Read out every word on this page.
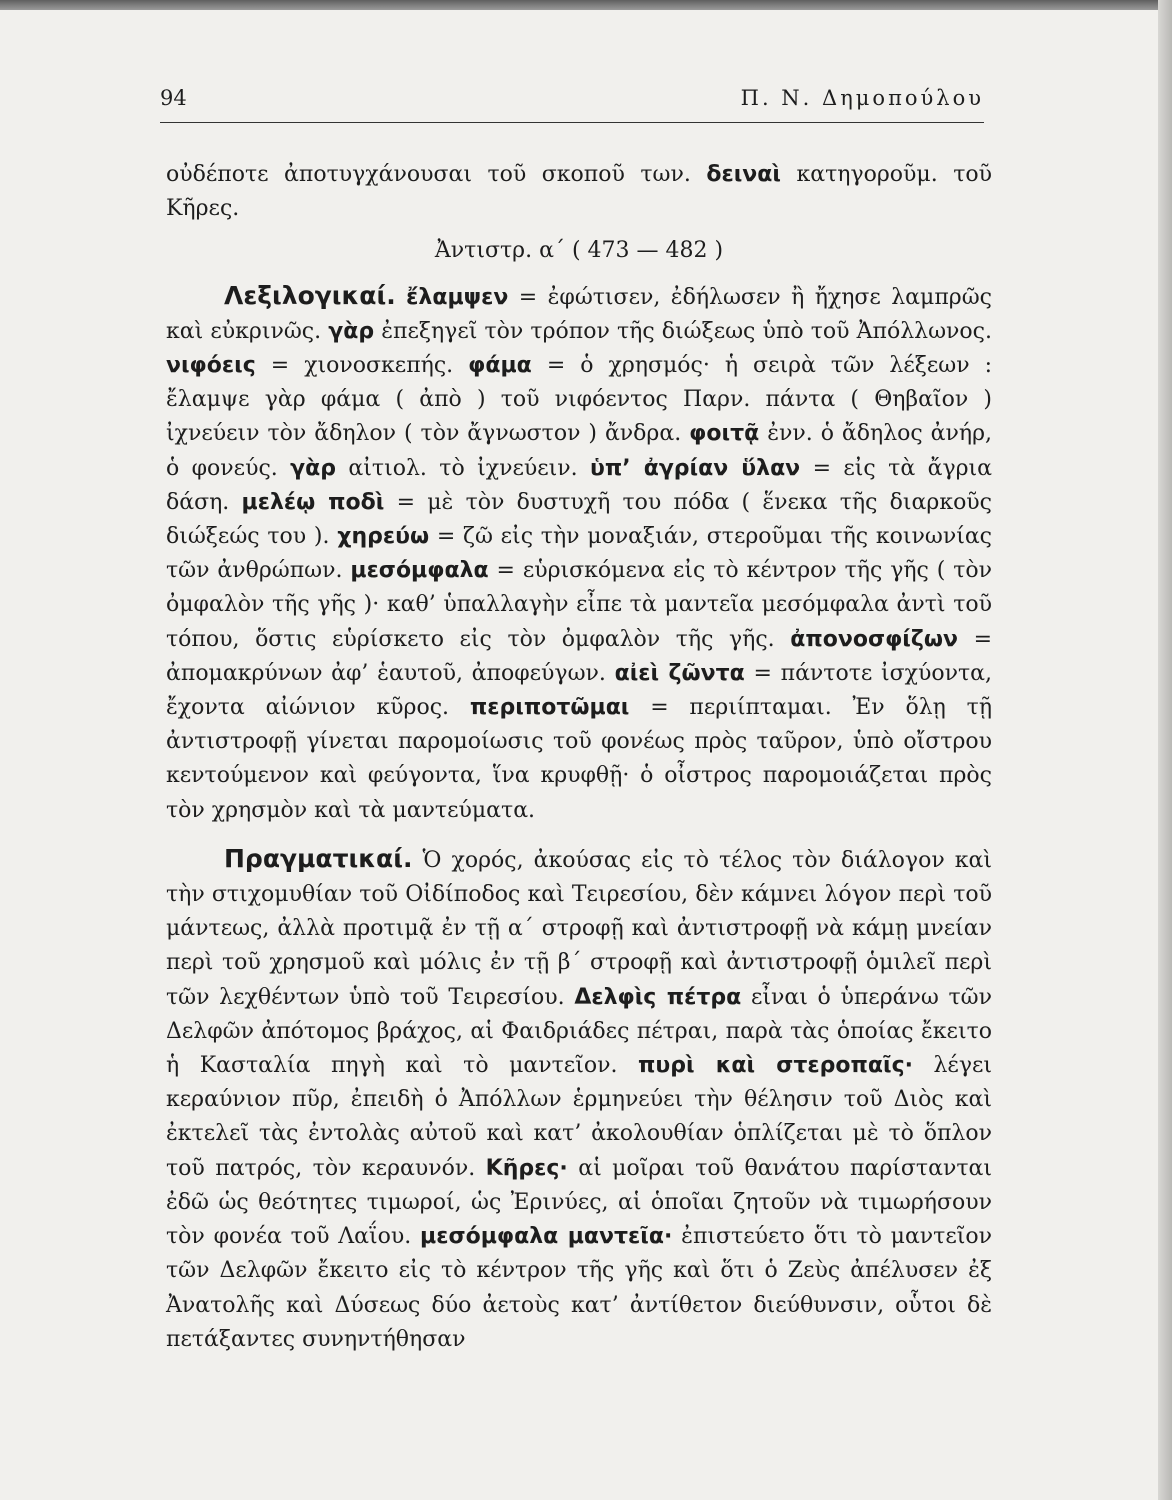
94	Π. Ν. Δημοπούλου

οὐδέποτε ἀποτυγχάνουσαι τοῦ σκοποῦ των. δειναὶ κατηγοροῦμ. τοῦ Κῆρες.

Ἀντιστρ. α΄ ( 473 — 482 )

Λεξιλογικαί. ἔλαμψεν = ἐφώτισεν, ἐδήλωσεν ἢ ἤχησε λαμπρῶς καὶ εὐκρινῶς. γὰρ ἐπεξηγεῖ τὸν τρόπον τῆς διώξεως ὑπὸ τοῦ Ἀπόλλωνος. νιφόεις = χιονοσκεπής. φάμα = ὁ χρησμός· ἡ σειρὰ τῶν λέξεων : ἔλαμψε γὰρ φάμα ( ἀπὸ ) τοῦ νιφόεντος Παρν. πάντα ( Θηβαῖον ) ἰχνεύειν τὸν ἄδηλον ( τὸν ἄγνωστον ) ἄνδρα. φοιτᾷ ἐνν. ὁ ἄδηλος ἀνήρ, ὁ φονεύς. γὰρ αἰτιολ. τὸ ἰχνεύειν. ὑπ’ ἀγρίαν ὕλαν = εἰς τὰ ἄγρια δάση. μελέῳ ποδὶ = μὲ τὸν δυστυχῆ του πόδα ( ἕνεκα τῆς διαρκοῦς διώξεώς του ). χηρεύω = ζῶ εἰς τὴν μοναξιάν, στεροῦμαι τῆς κοινωνίας τῶν ἀνθρώπων. μεσόμφαλα = εὑρισκόμενα εἰς τὸ κέντρον τῆς γῆς ( τὸν ὀμφαλὸν τῆς γῆς )· καθ’ ὑπαλλαγὴν εἶπε τὰ μαντεῖα μεσόμφαλα ἀντὶ τοῦ τόπου, ὅστις εὑρίσκετο εἰς τὸν ὀμφαλὸν τῆς γῆς. ἀπονοσφίζων = ἀπομακρύνων ἀφ’ ἑαυτοῦ, ἀποφεύγων. αἰεὶ ζῶντα = πάντοτε ἰσχύοντα, ἔχοντα αἰώνιον κῦρος. περιποτῶμαι = περιίπταμαι. Ἐν ὅλῃ τῇ ἀντιστροφῇ γίνεται παρομοίωσις τοῦ φονέως πρὸς ταῦρον, ὑπὸ οἴστρου κεντούμενον καὶ φεύγοντα, ἵνα κρυφθῇ· ὁ οἶστρος παρομοιάζεται πρὸς τὸν χρησμὸν καὶ τὰ μαντεύματα.

Πραγματικαί. Ὁ χορός, ἀκούσας εἰς τὸ τέλος τὸν διάλογον καὶ τὴν στιχομυθίαν τοῦ Οἰδίποδος καὶ Τειρεσίου, δὲν κάμνει λόγον περὶ τοῦ μάντεως, ἀλλὰ προτιμᾷ ἐν τῇ α΄ στροφῇ καὶ ἀντιστροφῇ νὰ κάμῃ μνείαν περὶ τοῦ χρησμοῦ καὶ μόλις ἐν τῇ β΄ στροφῇ καὶ ἀντιστροφῇ ὁμιλεῖ περὶ τῶν λεχθέντων ὑπὸ τοῦ Τειρεσίου. Δελφὶς πέτρα εἶναι ὁ ὑπεράνω τῶν Δελφῶν ἀπότομος βράχος, αἱ Φαιδριάδες πέτραι, παρὰ τὰς ὁποίας ἔκειτο ἡ Κασταλία πηγὴ καὶ τὸ μαντεῖον. πυρὶ καὶ στεροπαῖς· λέγει κεραύνιον πῦρ, ἐπειδὴ ὁ Ἀπόλλων ἑρμηνεύει τὴν θέλησιν τοῦ Διὸς καὶ ἐκτελεῖ τὰς ἐντολὰς αὐτοῦ καὶ κατ’ ἀκολουθίαν ὁπλίζεται μὲ τὸ ὅπλον τοῦ πατρός, τὸν κεραυνόν. Κῆρες· αἱ μοῖραι τοῦ θανάτου παρίστανται ἐδῶ ὡς θεότητες τιμωροί, ὡς Ἐρινύες, αἱ ὁποῖαι ζητοῦν νὰ τιμωρήσουν τὸν φονέα τοῦ Λαΐου. μεσόμφαλα μαντεῖα· ἐπιστεύετο ὅτι τὸ μαντεῖον τῶν Δελφῶν ἔκειτο εἰς τὸ κέντρον τῆς γῆς καὶ ὅτι ὁ Ζεὺς ἀπέλυσεν ἐξ Ἀνατολῆς καὶ Δύσεως δύο ἀετοὺς κατ’ ἀντίθετον διεύθυνσιν, οὗτοι δὲ πετάξαντες συνηντήθησαν
